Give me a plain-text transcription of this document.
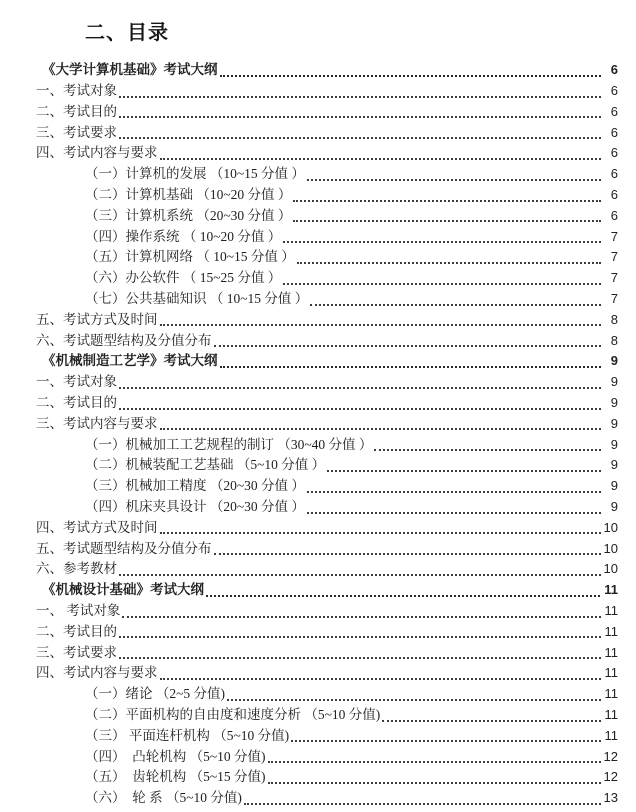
二、目录
《大学计算机基础》考试大纲	6
一、考试对象	6
二、考试目的	6
三、考试要求	6
四、考试内容与要求	6
（一）计算机的发展 （10~15 分值 ）	6
（二）计算机基础 （10~20 分值 ）	6
（三）计算机系统 （20~30 分值 ）	6
（四）操作系统 （ 10~20 分值 ）	7
（五）计算机网络 （ 10~15 分值 ）	7
（六）办公软件 （ 15~25 分值 ）	7
（七）公共基础知识 （ 10~15 分值 ）	7
五、考试方式及时间	8
六、考试题型结构及分值分布	8
《机械制造工艺学》考试大纲	9
一、考试对象	9
二、考试目的	9
三、考试内容与要求	9
（一）机械加工工艺规程的制订 （30~40 分值 ）	9
（二）机械装配工艺基础 （5~10 分值 ）	9
（三）机械加工精度 （20~30 分值 ）	9
（四）机床夹具设计 （20~30 分值 ）	9
四、考试方式及时间	10
五、考试题型结构及分值分布	10
六、参考教材	10
《机械设计基础》考试大纲	11
一、 考试对象	11
二、考试目的	11
三、考试要求	11
四、考试内容与要求	11
（一）绪论 （2~5 分值)	11
（二）平面机构的自由度和速度分析 （5~10 分值)	11
（三） 平面连杆机构 （5~10 分值)	11
（四）  凸轮机构 （5~10 分值)	12
（五）  齿轮机构 （5~15 分值)	12
（六）  轮 系 （5~10 分值)	13
